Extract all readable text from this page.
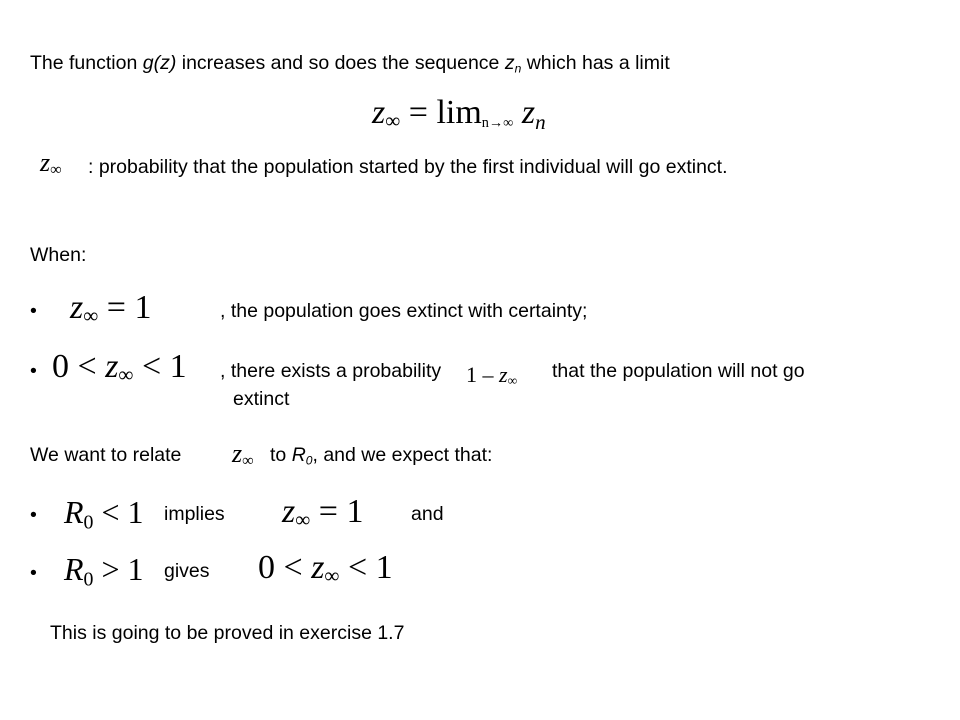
The function g(z) increases and so does the sequence $z_n$ which has a limit
$z\infty = \lim_{n\to\infty} z_n$
z∞ : probability that the population started by the first individual will go extinct.
When:
• z∞ = 1	, the population goes extinct with certainty;
• 0 < z∞ < 1 , there exists a probability 1 – z∞ that the population will not go
extinct
We want to relate z∞ to $R_0$, and we expect that:
• $R_0 < 1$ implies z∞ = 1 and
• $R_0 > 1$ gives 0 < z∞ < 1
This is going to be proved in exercise 1.7
